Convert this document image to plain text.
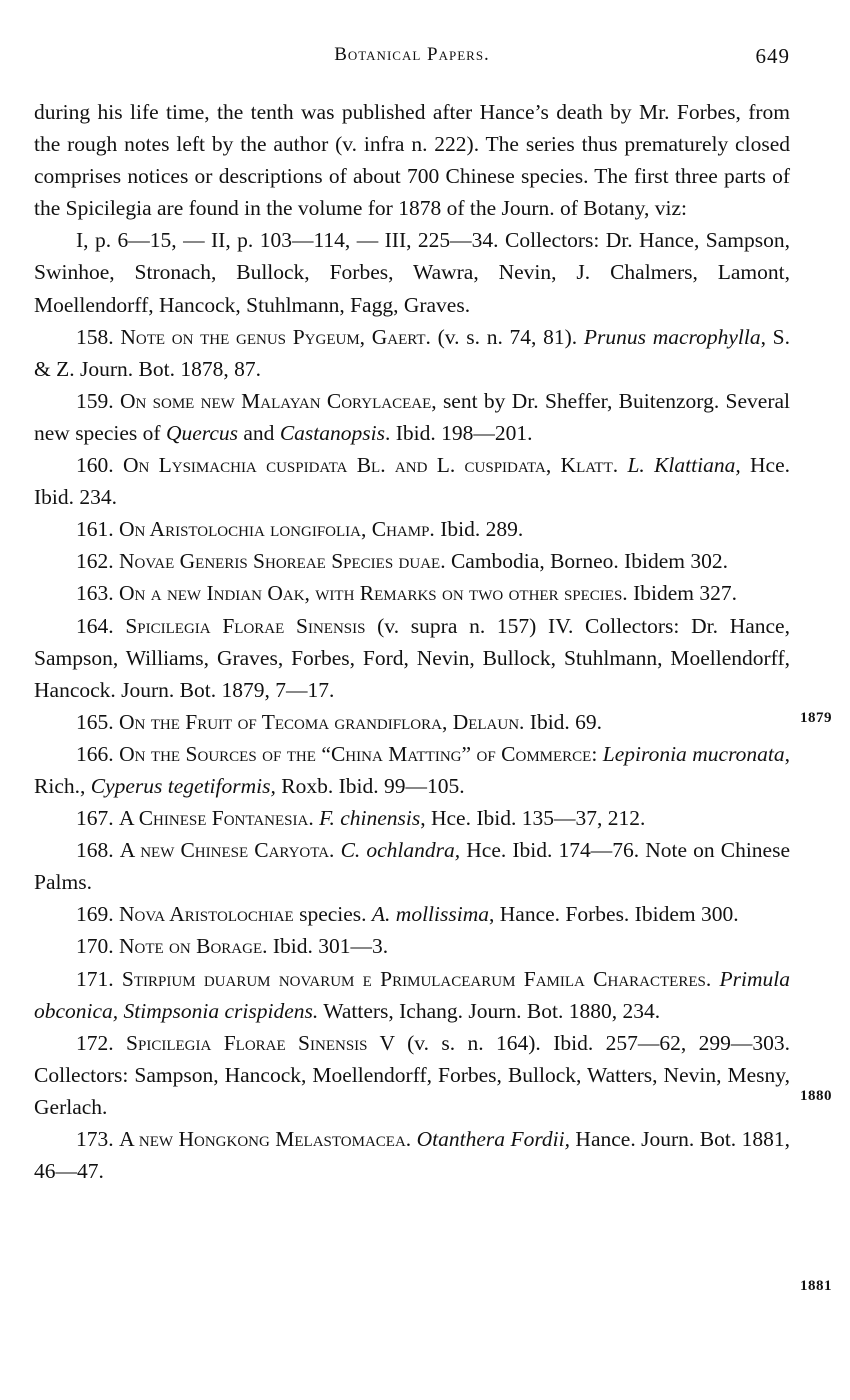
Botanical Papers.	649

during his life time, the tenth was published after Hance’s death by Mr. Forbes, from the rough notes left by the author (v. infra n. 222). The series thus prematurely closed comprises notices or descriptions of about 700 Chinese species. The first three parts of the Spicilegia are found in the volume for 1878 of the Journ. of Botany, viz:

I, p. 6—15, — II, p. 103—114, — III, 225—34. Collectors: Dr. Hance, Sampson, Swinhoe, Stronach, Bullock, Forbes, Wawra, Nevin, J. Chalmers, Lamont, Moellendorff, Hancock, Stuhlmann, Fagg, Graves.

158. Note on the genus Pygeum, Gaert. (v. s. n. 74, 81). Prunus macrophylla, S. & Z. Journ. Bot. 1878, 87.

159. On some new Malayan Corylaceae, sent by Dr. Sheffer, Buitenzorg. Several new species of Quercus and Castanopsis. Ibid. 198—201.

160. On Lysimachia cuspidata Bl. and L. cuspidata, Klatt. L. Klattiana, Hce. Ibid. 234.

161. On Aristolochia longifolia, Champ. Ibid. 289.

162. Novae Generis Shoreae Species duae. Cambodia, Borneo. Ibidem 302.

163. On a new Indian Oak, with Remarks on two other species. Ibidem 327.

164. Spicilegia Florae Sinensis (v. supra n. 157) IV. Collectors: Dr. Hance, Sampson, Williams, Graves, Forbes, Ford, Nevin, Bullock, Stuhlmann, Moellendorff, Hancock. Journ. Bot. 1879, 7—17.

165. On the Fruit of Tecoma grandiflora, Delaun. Ibid. 69.

166. On the Sources of the “China Matting” of Commerce: Lepironia mucronata, Rich., Cyperus tegetiformis, Roxb. Ibid. 99—105.

167. A Chinese Fontanesia. F. chinensis, Hce. Ibid. 135—37, 212.

168. A new Chinese Caryota. C. ochlandra, Hce. Ibid. 174—76. Note on Chinese Palms.

169. Nova Aristolochiae species. A. mollissima, Hance. Forbes. Ibidem 300.

170. Note on Borage. Ibid. 301—3.

171. Stirpium duarum novarum e Primulacearum Famila Characteres. Primula obconica, Stimpsonia crispidens. Watters, Ichang. Journ. Bot. 1880, 234.

172. Spicilegia Florae Sinensis V (v. s. n. 164). Ibid. 257—62, 299—303. Collectors: Sampson, Hancock, Moellendorff, Forbes, Bullock, Watters, Nevin, Mesny, Gerlach.

173. A new Hongkong Melastomacea. Otanthera Fordii, Hance. Journ. Bot. 1881, 46—47.

1879
1880
1881
